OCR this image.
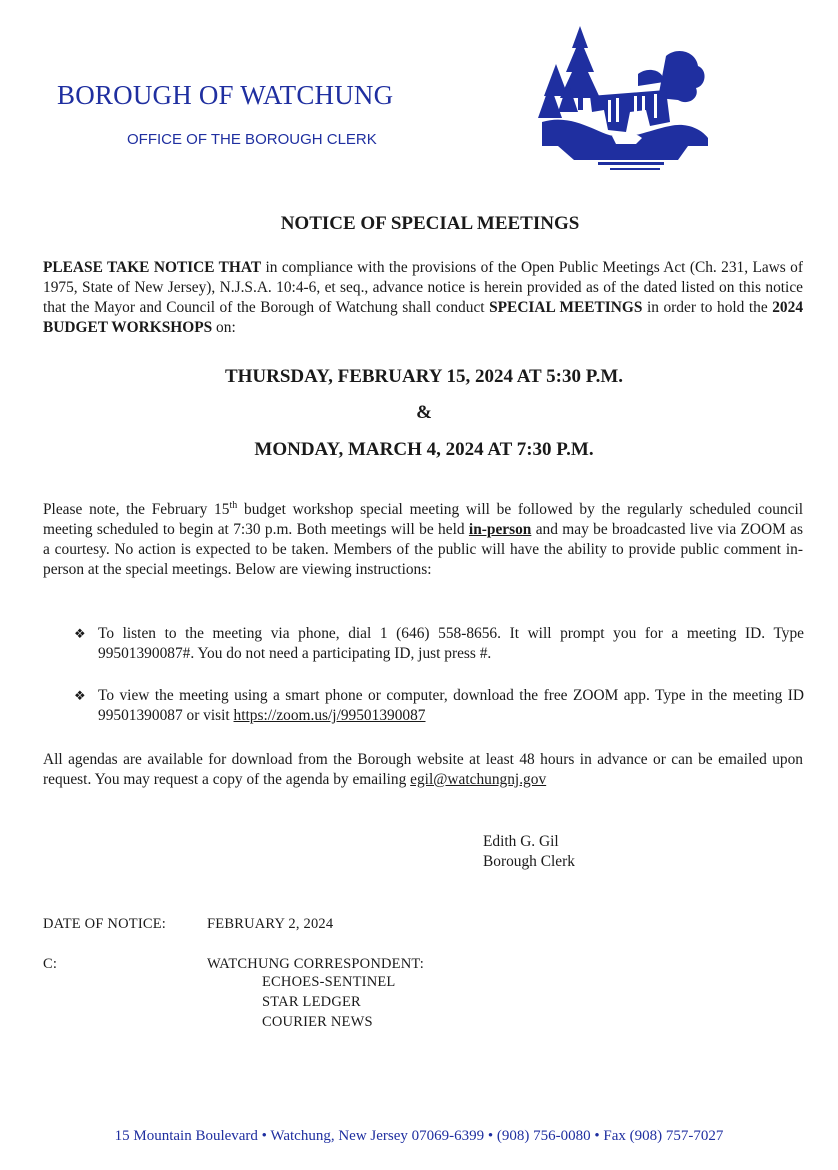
BOROUGH OF WATCHUNG
OFFICE OF THE BOROUGH CLERK
NOTICE OF SPECIAL MEETINGS
PLEASE TAKE NOTICE THAT in compliance with the provisions of the Open Public Meetings Act (Ch. 231, Laws of 1975, State of New Jersey), N.J.S.A. 10:4-6, et seq., advance notice is herein provided as of the dated listed on this notice that the Mayor and Council of the Borough of Watchung shall conduct SPECIAL MEETINGS in order to hold the 2024 BUDGET WORKSHOPS on:
THURSDAY, FEBRUARY 15, 2024 AT 5:30 P.M.
&
MONDAY, MARCH 4, 2024 AT 7:30 P.M.
Please note, the February 15th budget workshop special meeting will be followed by the regularly scheduled council meeting scheduled to begin at 7:30 p.m. Both meetings will be held in-person and may be broadcasted live via ZOOM as a courtesy. No action is expected to be taken. Members of the public will have the ability to provide public comment in-person at the special meetings. Below are viewing instructions:
❖ To listen to the meeting via phone, dial 1 (646) 558-8656. It will prompt you for a meeting ID. Type 99501390087#. You do not need a participating ID, just press #.
❖ To view the meeting using a smart phone or computer, download the free ZOOM app. Type in the meeting ID 99501390087 or visit https://zoom.us/j/99501390087
All agendas are available for download from the Borough website at least 48 hours in advance or can be emailed upon request. You may request a copy of the agenda by emailing egil@watchungnj.gov
Edith G. Gil
Borough Clerk
DATE OF NOTICE:	FEBRUARY 2, 2024
C:	WATCHUNG CORRESPONDENT:
ECHOES-SENTINEL
STAR LEDGER
COURIER NEWS
15 Mountain Boulevard • Watchung, New Jersey 07069-6399 • (908) 756-0080 • Fax (908) 757-7027
